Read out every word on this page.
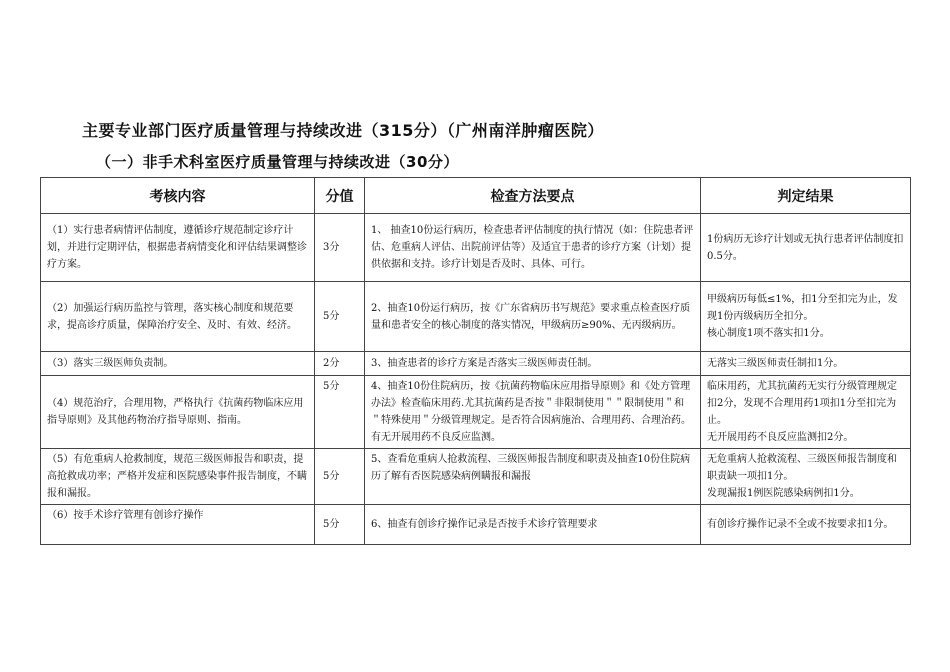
主要专业部门医疗质量管理与持续改进（315分）（广州南洋肿瘤医院）
（一）非手术科室医疗质量管理与持续改进（30分）
考核内容	分值	检查方法要点	判定结果
（1）实行患者病情评估制度，遵循诊疗规范制定诊疗计划，并进行定期评估，根据患者病情变化和评估结果调整诊疗方案。	3分	1、 抽查10份运行病历，检查患者评估制度的执行情况（如：住院患者评估、危重病人评估、出院前评估等）及适宜于患者的诊疗方案（计划）提供依据和支持。诊疗计划是否及时、具体、可行。	1份病历无诊疗计划或无执行患者评估制度扣0.5分。
（2）加强运行病历监控与管理，落实核心制度和规范要求，提高诊疗质量，保障治疗安全、及时、有效、经济。	5分	2、抽查10份运行病历，按《广东省病历书写规范》要求重点检查医疗质量和患者安全的核心制度的落实情况，甲级病历≥90%、无丙级病历。	甲级病历每低≤1%，扣1分至扣完为止，发现1份丙级病历全扣分。
核心制度1项不落实扣1分。

（3）落实三级医师负责制。	2分	3、抽查患者的诊疗方案是否落实三级医师责任制。	无落实三级医师责任制扣1分。
（4）规范治疗，合理用物，严格执行《抗菌药物临床应用指导原则》及其他药物治疗指导原则、指南。	5分	4、抽查10份住院病历，按《抗菌药物临床应用指导原则》和《处方管理办法》检查临床用药.尤其抗菌药是否按＂非限制使用＂＂限制使用＂和＂特殊使用＂分级管理规定。是否符合因病施治、合理用药、合理治药。有无开展用药不良反应监测。	临床用药，尤其抗菌药无实行分级管理规定扣2分，发现不合理用药1项扣1分至扣完为止。
无开展用药不良反应监测扣2分。

（5）有危重病人抢救制度，规范三级医师报告和职责，提高抢救成功率；严格并发症和医院感染事件报告制度，不瞒报和漏报。	5分	5、查看危重病人抢救流程、三级医师报告制度和职责及抽查10份住院病历了解有否医院感染病例瞒报和漏报	无危重病人抢救流程、三级医师报告制度和职责缺一项扣1分。
发现漏报1例医院感染病例扣1分。

（6）按手术诊疗管理有创诊疗操作	5分	6、抽查有创诊疗操作记录是否按手术诊疗管理要求	有创诊疗操作记录不全或不按要求扣1分。
